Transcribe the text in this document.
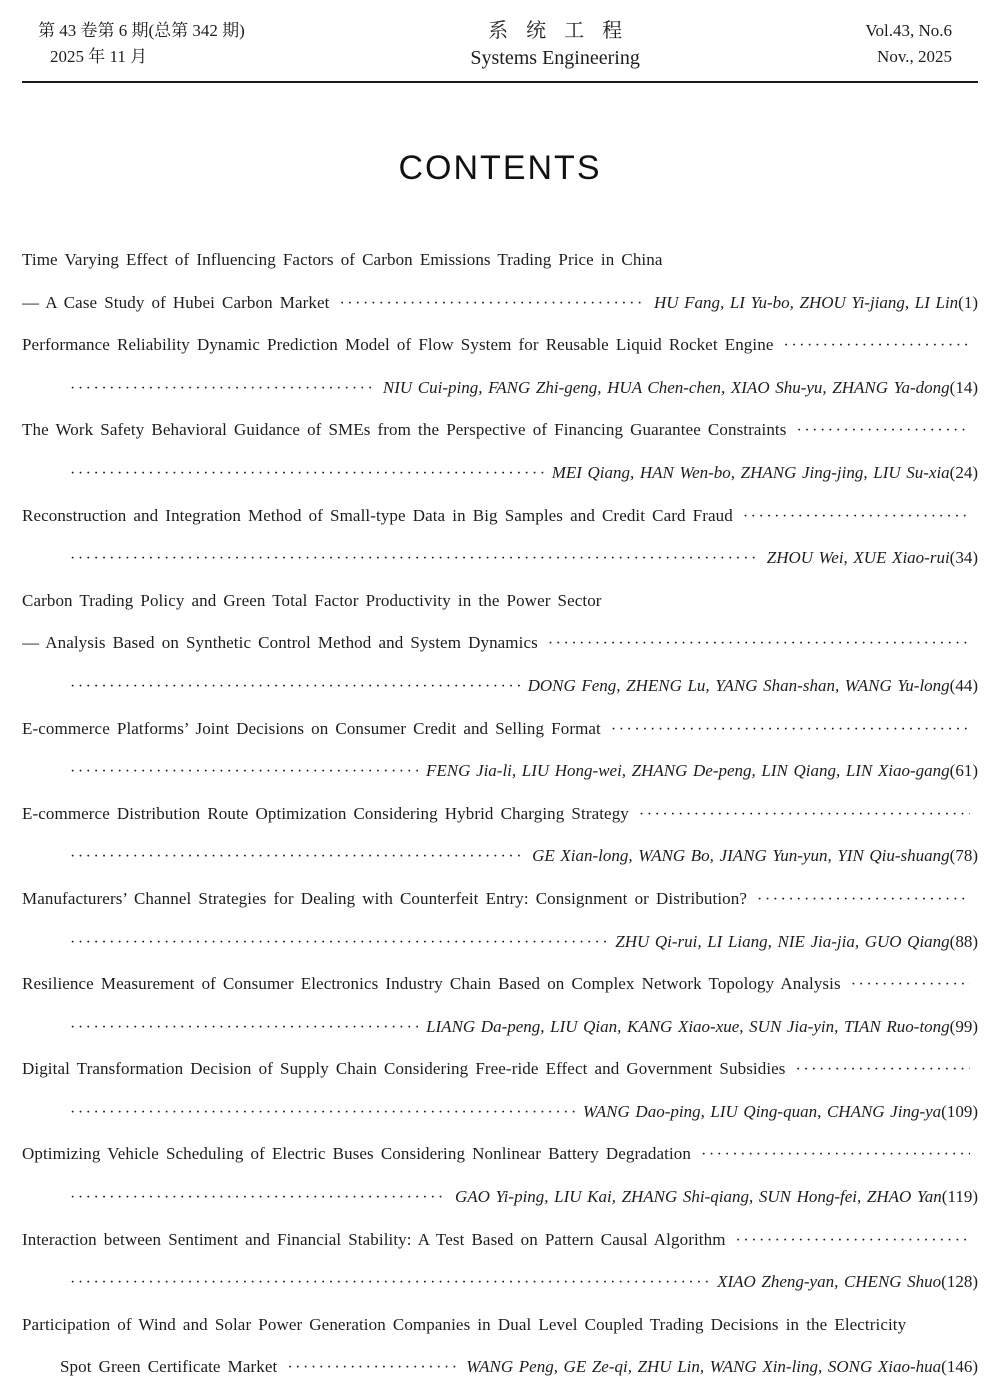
第 43 卷第 6 期(总第 342 期)
2025 年 11 月
系统工程
Systems Engineering
Vol.43, No.6
Nov., 2025
CONTENTS
Time Varying Effect of Influencing Factors of Carbon Emissions Trading Price in China
— A Case Study of Hubei Carbon Market ·····	HU Fang, LI Yu-bo, ZHOU Yi-jiang, LI Lin(1)
Performance Reliability Dynamic Prediction Model of Flow System for Reusable Liquid Rocket Engine
·····
·····
NIU Cui-ping, FANG Zhi-geng, HUA Chen-chen, XIAO Shu-yu, ZHANG Ya-dong(14)
The Work Safety Behavioral Guidance of SMEs from the Perspective of Financing Guarantee Constraints
·····
·····
MEI Qiang, HAN Wen-bo, ZHANG Jing-jing, LIU Su-xia(24)
Reconstruction and Integration Method of Small-type Data in Big Samples and Credit Card Fraud
·····
·····
ZHOU Wei, XUE Xiao-rui(34)
Carbon Trading Policy and Green Total Factor Productivity in the Power Sector
— Analysis Based on Synthetic Control Method and System Dynamics
·····
·····
DONG Feng, ZHENG Lu, YANG Shan-shan, WANG Yu-long(44)
E-commerce Platforms’ Joint Decisions on Consumer Credit and Selling Format
·····
·····
FENG Jia-li, LIU Hong-wei, ZHANG De-peng, LIN Qiang, LIN Xiao-gang(61)
E-commerce Distribution Route Optimization Considering Hybrid Charging Strategy
·····
·····
GE Xian-long, WANG Bo, JIANG Yun-yun, YIN Qiu-shuang(78)
Manufacturers’ Channel Strategies for Dealing with Counterfeit Entry: Consignment or Distribution?
·····
·····
ZHU Qi-rui, LI Liang, NIE Jia-jia, GUO Qiang(88)
Resilience Measurement of Consumer Electronics Industry Chain Based on Complex Network Topology Analysis
·····
·····
LIANG Da-peng, LIU Qian, KANG Xiao-xue, SUN Jia-yin, TIAN Ruo-tong(99)
Digital Transformation Decision of Supply Chain Considering Free-ride Effect and Government Subsidies
·····
·····
WANG Dao-ping, LIU Qing-quan, CHANG Jing-ya(109)
Optimizing Vehicle Scheduling of Electric Buses Considering Nonlinear Battery Degradation
·····
·····
GAO Yi-ping, LIU Kai, ZHANG Shi-qiang, SUN Hong-fei, ZHAO Yan(119)
Interaction between Sentiment and Financial Stability: A Test Based on Pattern Causal Algorithm
·····
·····
XIAO Zheng-yan, CHENG Shuo(128)
Participation of Wind and Solar Power Generation Companies in Dual Level Coupled Trading Decisions in the Electricity
Spot Green Certificate Market ·····	WANG Peng, GE Ze-qi, ZHU Lin, WANG Xin-ling, SONG Xiao-hua(146)
